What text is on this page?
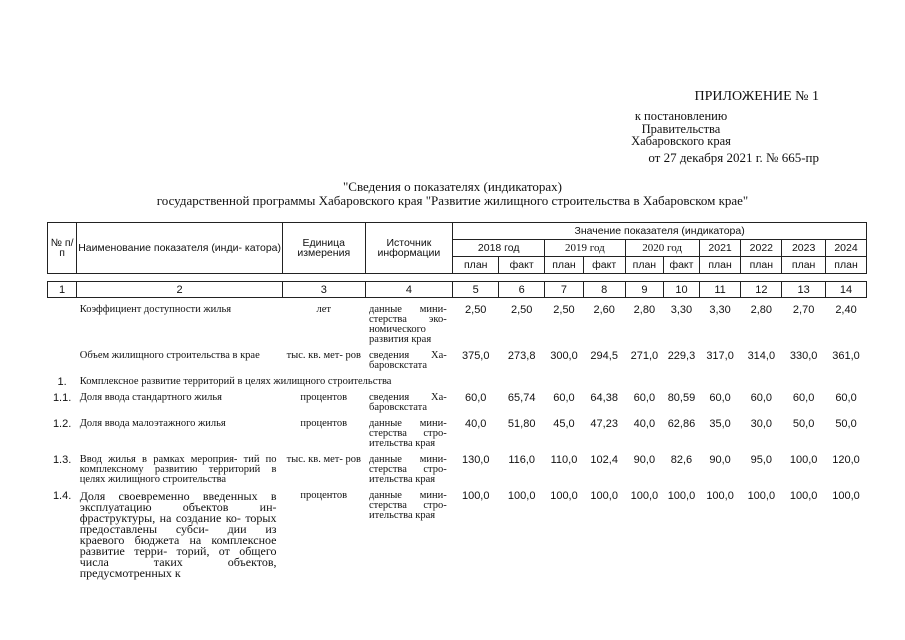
ПРИЛОЖЕНИЕ № 1
к постановлению
Правительства
Хабаровского края
от 27 декабря 2021 г. № 665-пр
"Сведения о показателях (индикаторах)
государственной программы Хабаровского края "Развитие жилищного строительства в Хабаровском крае"
№ п/п	Наименование показателя (инди- катора)	Единица измерения	Источник информации	Значение показателя (индикатора)									
				2018 год		2019 год		2020 год		2021	2022	2023	2024
				план	факт	план	факт	план	факт	план	план	план	план

1	2	3	4	5	6	7	8	9	10	11	12	13	14

	Коэффициент доступности жилья	лет	данные мини- стерства эко- номического развития края	2,50	2,50	2,50	2,60	2,80	3,30	3,30	2,80	2,70	2,40
	Объем жилищного строительства в крае	тыс. кв. мет- ров	сведения Ха- баровскстата	375,0	273,8	300,0	294,5	271,0	229,3	317,0	314,0	330,0	361,0
1.	Комплексное развитие территорий в целях жилищного строительства												
1.1.	Доля ввода стандартного жилья	процентов	сведения Ха- баровскстата	60,0	65,74	60,0	64,38	60,0	80,59	60,0	60,0	60,0	60,0
1.2.	Доля ввода малоэтажного жилья	процентов	данные мини- стерства стро- ительства края	40,0	51,80	45,0	47,23	40,0	62,86	35,0	30,0	50,0	50,0
1.3.	Ввод жилья в рамках мероприя- тий по комплексному развитию территорий в целях жилищного строительства	тыс. кв. мет- ров	данные мини- стерства стро- ительства края	130,0	116,0	110,0	102,4	90,0	82,6	90,0	95,0	100,0	120,0
1.4.	Доля своевременно введенных в эксплуатацию объектов ин- фраструктуры, на создание ко- торых предоставлены субси- дии из краевого бюджета на комплексное развитие терри- торий, от общего числа таких объектов, предусмотренных к	процентов	данные мини- стерства стро- ительства края	100,0	100,0	100,0	100,0	100,0	100,0	100,0	100,0	100,0	100,0
